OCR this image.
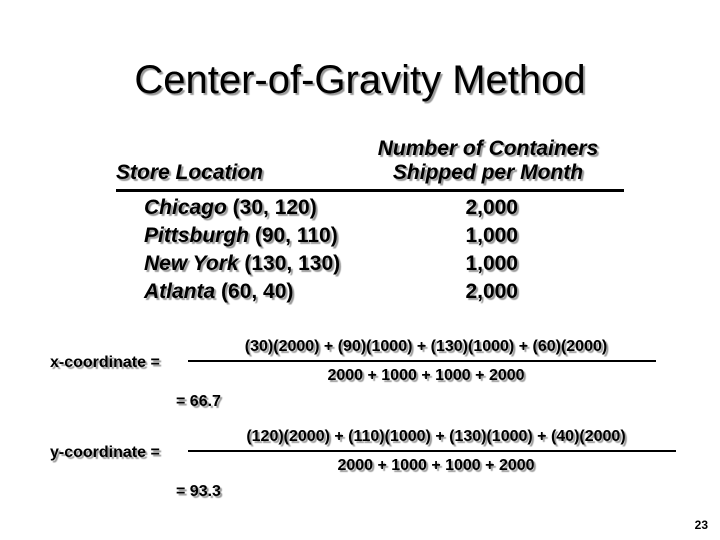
Center-of-Gravity Method
Store Location
Number of Containers
Shipped per Month
Chicago (30, 120)	2,000
Pittsburgh (90, 110)	1,000
New York (130, 130)	1,000
Atlanta (60, 40)	2,000
x-coordinate =
(30)(2000) + (90)(1000) + (130)(1000) + (60)(2000)
2000 + 1000 + 1000 + 2000
= 66.7
y-coordinate =
(120)(2000) + (110)(1000) + (130)(1000) + (40)(2000)
2000 + 1000 + 1000 + 2000
= 93.3
23
